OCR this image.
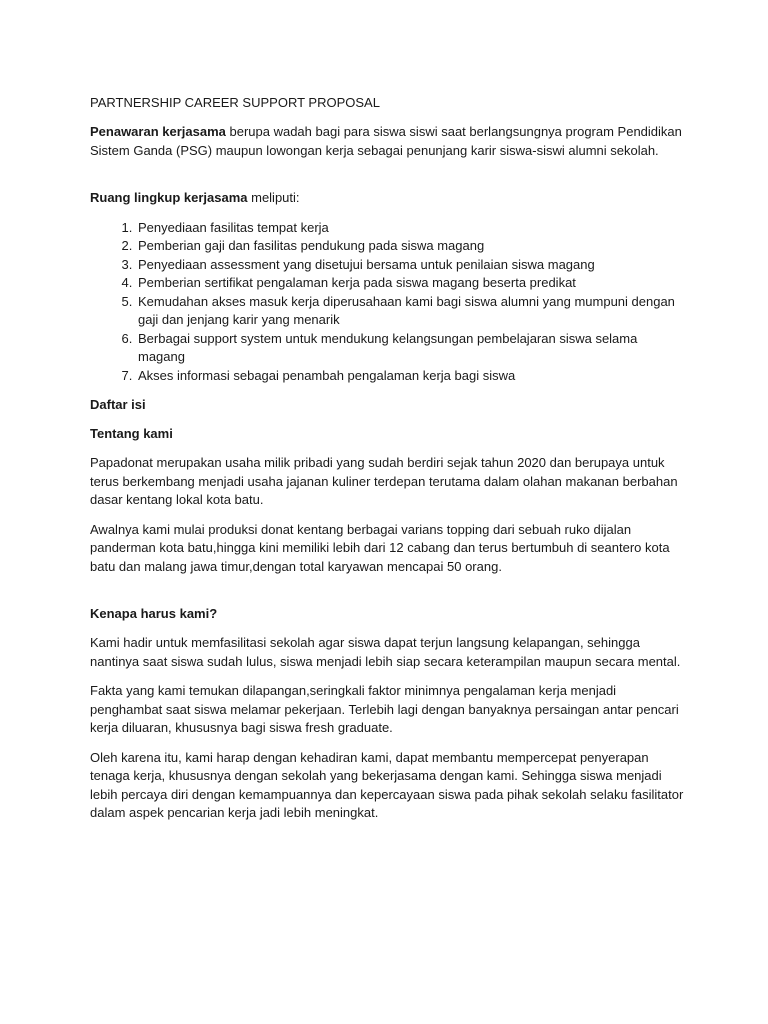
PARTNERSHIP CAREER SUPPORT PROPOSAL

Penawaran kerjasama berupa wadah bagi para siswa siswi saat berlangsungnya program Pendidikan Sistem Ganda (PSG) maupun lowongan kerja sebagai penunjang karir siswa-siswi alumni sekolah.

Ruang lingkup kerjasama meliputi:

1. Penyediaan fasilitas tempat kerja
2. Pemberian gaji dan fasilitas pendukung pada siswa magang
3. Penyediaan assessment yang disetujui bersama untuk penilaian siswa magang
4. Pemberian sertifikat pengalaman kerja pada siswa magang beserta predikat
5. Kemudahan akses masuk kerja diperusahaan kami bagi siswa alumni yang mumpuni dengan gaji dan jenjang karir yang menarik
6. Berbagai support system untuk mendukung kelangsungan pembelajaran siswa selama magang
7. Akses informasi sebagai penambah pengalaman kerja bagi siswa
Daftar isi
Tentang kami

Papadonat merupakan usaha milik pribadi yang sudah berdiri sejak tahun 2020 dan berupaya untuk terus berkembang menjadi usaha jajanan kuliner terdepan terutama dalam olahan makanan berbahan dasar kentang lokal kota batu.

Awalnya kami mulai produksi donat kentang berbagai varians topping dari sebuah ruko dijalan panderman kota batu,hingga kini memiliki lebih dari 12 cabang dan terus bertumbuh di seantero kota batu dan malang jawa timur,dengan total karyawan mencapai 50 orang.

Kenapa harus kami?

Kami hadir untuk memfasilitasi sekolah agar siswa dapat terjun langsung kelapangan, sehingga nantinya saat siswa sudah lulus, siswa menjadi lebih siap secara keterampilan maupun secara mental.

Fakta yang kami temukan dilapangan,seringkali faktor minimnya pengalaman kerja menjadi penghambat saat siswa melamar pekerjaan. Terlebih lagi dengan banyaknya persaingan antar pencari kerja diluaran, khususnya bagi siswa fresh graduate.

Oleh karena itu, kami harap dengan kehadiran kami, dapat membantu mempercepat penyerapan tenaga kerja, khususnya dengan sekolah yang bekerjasama dengan kami. Sehingga siswa menjadi lebih percaya diri dengan kemampuannya dan kepercayaan siswa pada pihak sekolah selaku fasilitator dalam aspek pencarian kerja jadi lebih meningkat.
